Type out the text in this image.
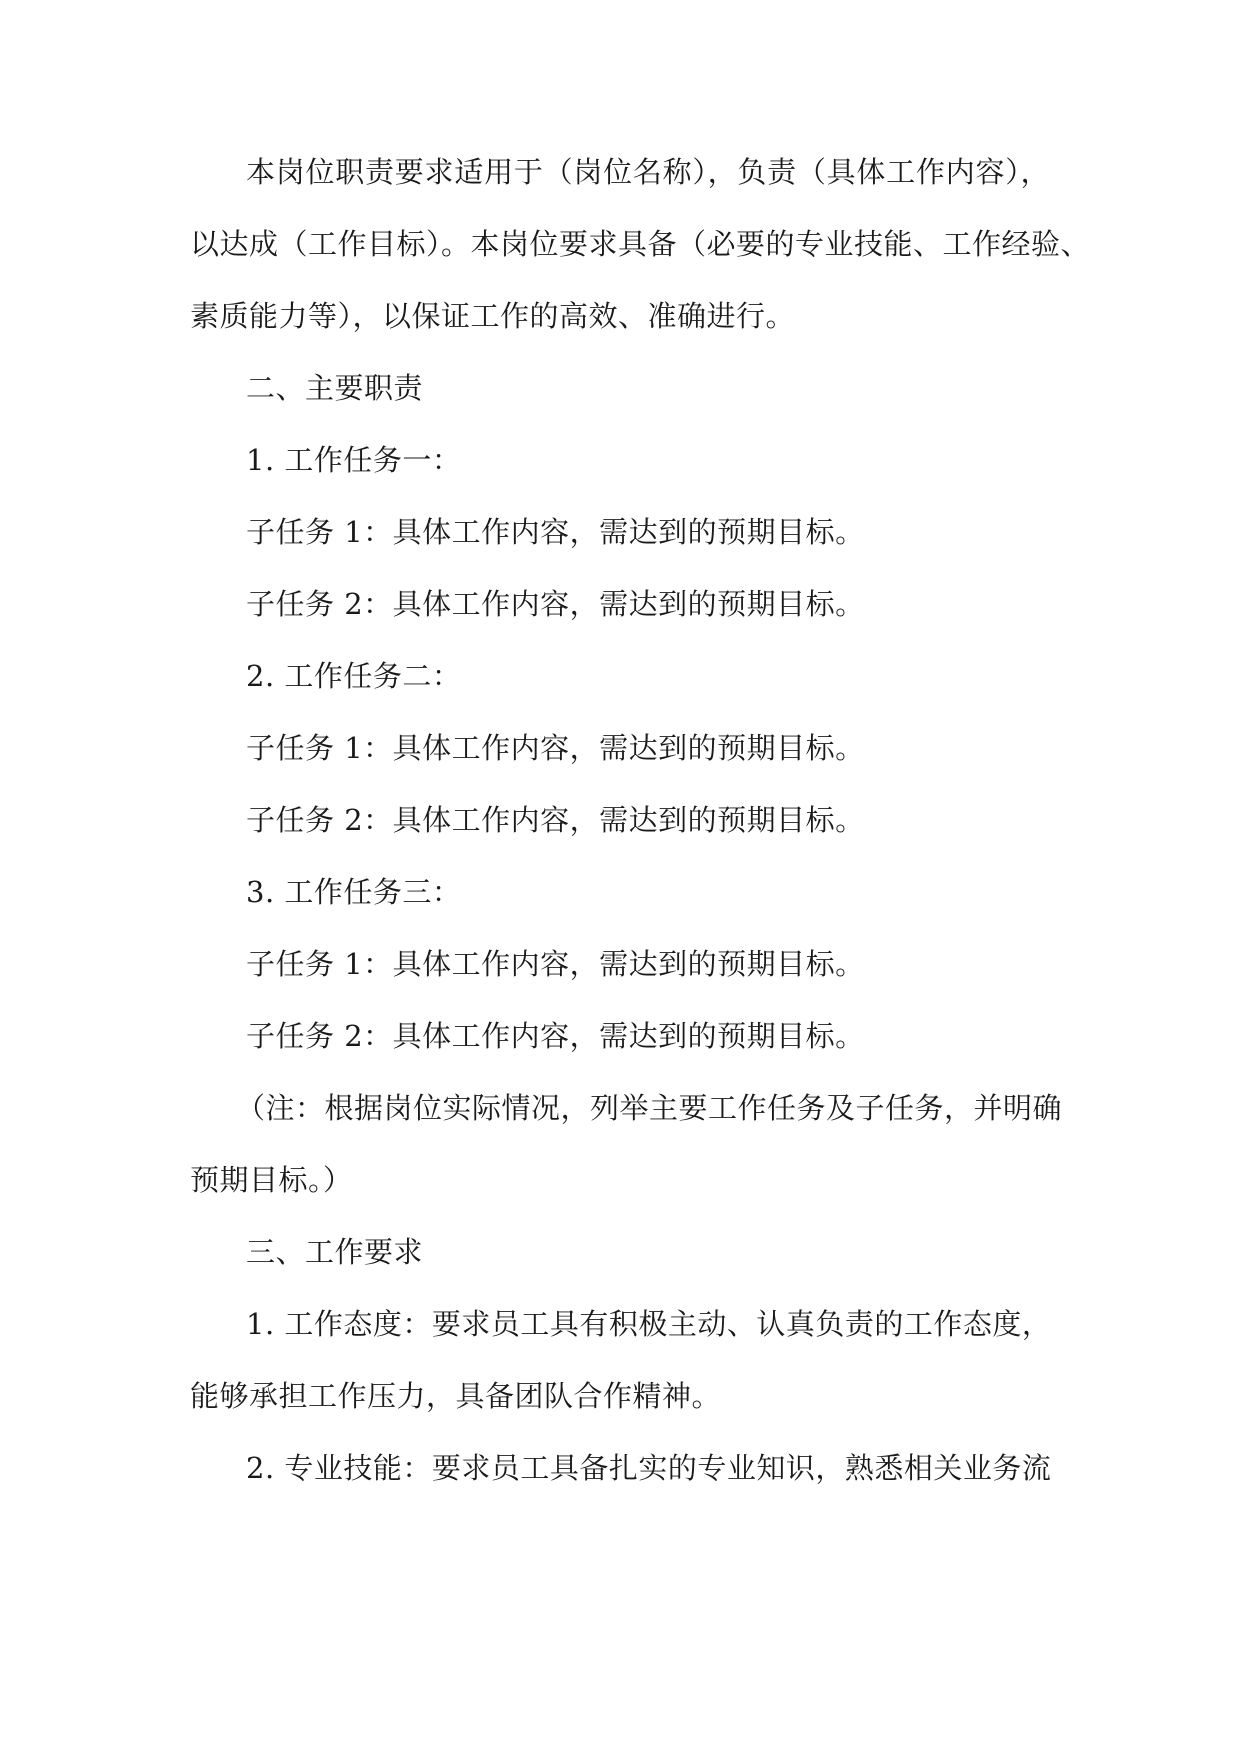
本岗位职责要求适用于（岗位名称），负责（具体工作内容），
以达成（工作目标）。本岗位要求具备（必要的专业技能、工作经验、
素质能力等），以保证工作的高效、准确进行。
二、主要职责
1. 工作任务一：
子任务 1：具体工作内容，需达到的预期目标。
子任务 2：具体工作内容，需达到的预期目标。
2. 工作任务二：
子任务 1：具体工作内容，需达到的预期目标。
子任务 2：具体工作内容，需达到的预期目标。
3. 工作任务三：
子任务 1：具体工作内容，需达到的预期目标。
子任务 2：具体工作内容，需达到的预期目标。
（注：根据岗位实际情况，列举主要工作任务及子任务，并明确
预期目标。）
三、工作要求
1. 工作态度：要求员工具有积极主动、认真负责的工作态度，
能够承担工作压力，具备团队合作精神。
2. 专业技能：要求员工具备扎实的专业知识，熟悉相关业务流
